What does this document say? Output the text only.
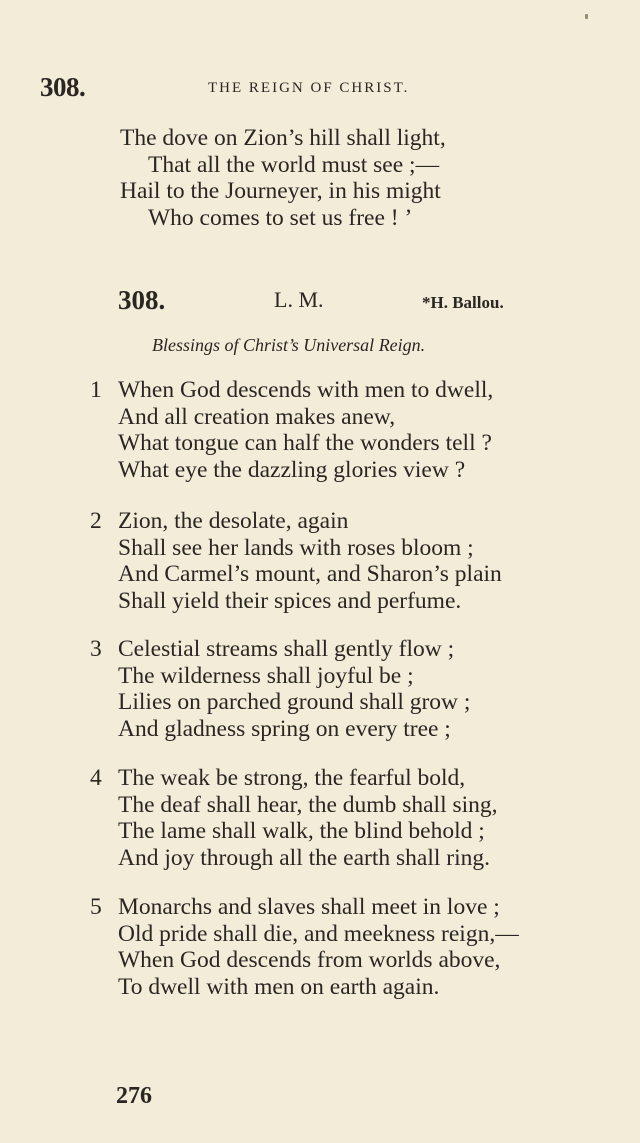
308.	THE REIGN OF CHRIST.
The dove on Zion’s hill shall light,
That all the world must see ;—
Hail to the Journeyer, in his might
Who comes to set us free ! ’
308.	L. M.	*H. Ballou.
Blessings of Christ’s Universal Reign.
1 When God descends with men to dwell,
And all creation makes anew,
What tongue can half the wonders tell ?
What eye the dazzling glories view ?
2 Zion, the desolate, again
Shall see her lands with roses bloom ;
And Carmel’s mount, and Sharon’s plain
Shall yield their spices and perfume.
3 Celestial streams shall gently flow ;
The wilderness shall joyful be ;
Lilies on parched ground shall grow ;
And gladness spring on every tree ;
4 The weak be strong, the fearful bold,
The deaf shall hear, the dumb shall sing,
The lame shall walk, the blind behold ;
And joy through all the earth shall ring.
5 Monarchs and slaves shall meet in love ;
Old pride shall die, and meekness reign,—
When God descends from worlds above,
To dwell with men on earth again.
276
